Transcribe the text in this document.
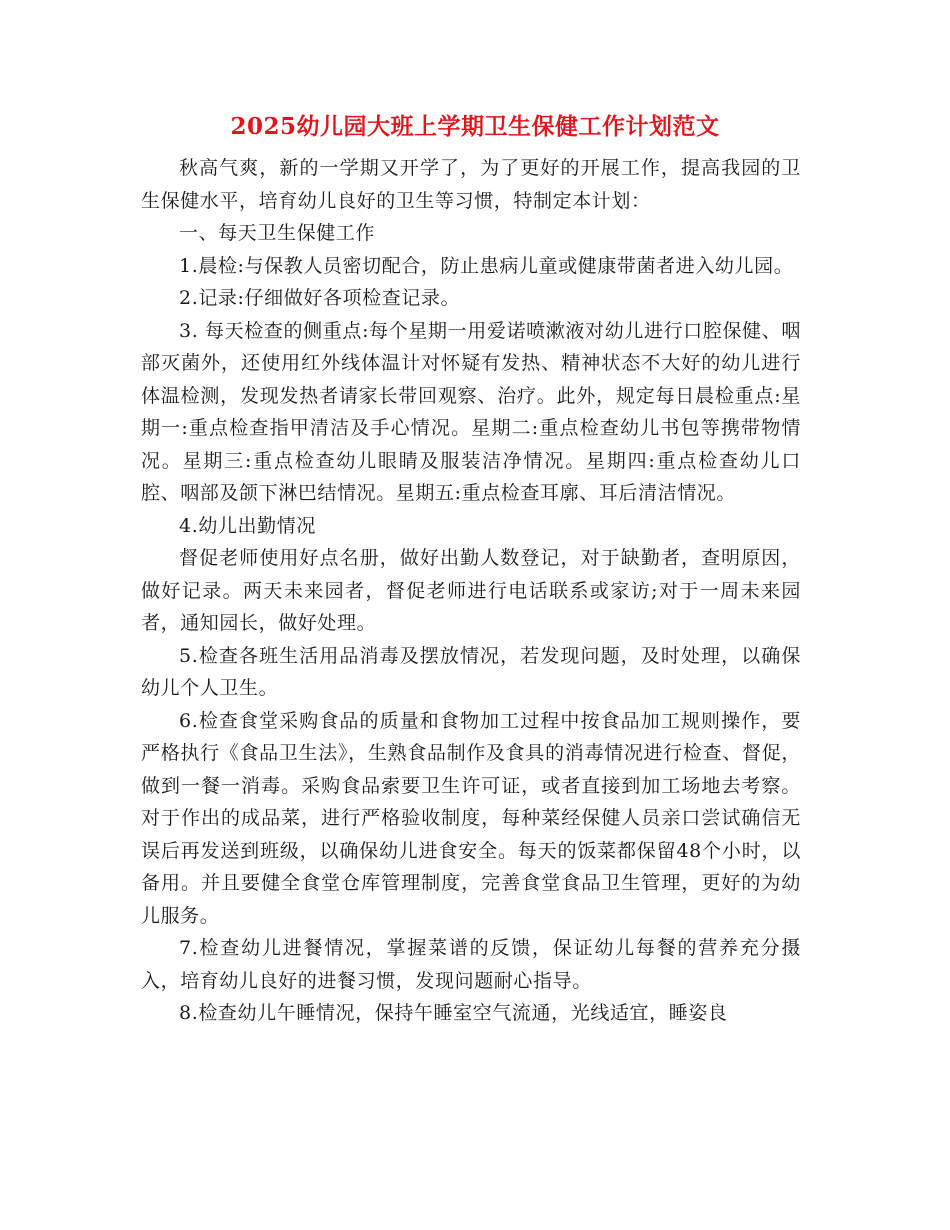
2025幼儿园大班上学期卫生保健工作计划范文

秋高气爽，新的一学期又开学了，为了更好的开展工作，提高我园的卫生保健水平，培育幼儿良好的卫生等习惯，特制定本计划：

一、每天卫生保健工作

1.晨检:与保教人员密切配合，防止患病儿童或健康带菌者进入幼儿园。

2.记录:仔细做好各项检查记录。

3. 每天检查的侧重点:每个星期一用爱诺喷漱液对幼儿进行口腔保健、咽部灭菌外，还使用红外线体温计对怀疑有发热、精神状态不大好的幼儿进行体温检测，发现发热者请家长带回观察、治疗。此外，规定每日晨检重点:星期一:重点检查指甲清洁及手心情况。星期二:重点检查幼儿书包等携带物情况。星期三:重点检查幼儿眼睛及服装洁净情况。星期四:重点检查幼儿口腔、咽部及颌下淋巴结情况。星期五:重点检查耳廓、耳后清洁情况。

4.幼儿出勤情况

督促老师使用好点名册，做好出勤人数登记，对于缺勤者，查明原因，做好记录。两天未来园者，督促老师进行电话联系或家访;对于一周未来园者，通知园长，做好处理。

5.检查各班生活用品消毒及摆放情况，若发现问题，及时处理，以确保幼儿个人卫生。

6.检查食堂采购食品的质量和食物加工过程中按食品加工规则操作，要严格执行《食品卫生法》，生熟食品制作及食具的消毒情况进行检查、督促，做到一餐一消毒。采购食品索要卫生许可证，或者直接到加工场地去考察。对于作出的成品菜，进行严格验收制度，每种菜经保健人员亲口尝试确信无误后再发送到班级，以确保幼儿进食安全。每天的饭菜都保留48个小时，以备用。并且要健全食堂仓库管理制度，完善食堂食品卫生管理，更好的为幼儿服务。

7.检查幼儿进餐情况，掌握菜谱的反馈，保证幼儿每餐的营养充分摄入，培育幼儿良好的进餐习惯，发现问题耐心指导。

8.检查幼儿午睡情况，保持午睡室空气流通，光线适宜，睡姿良
